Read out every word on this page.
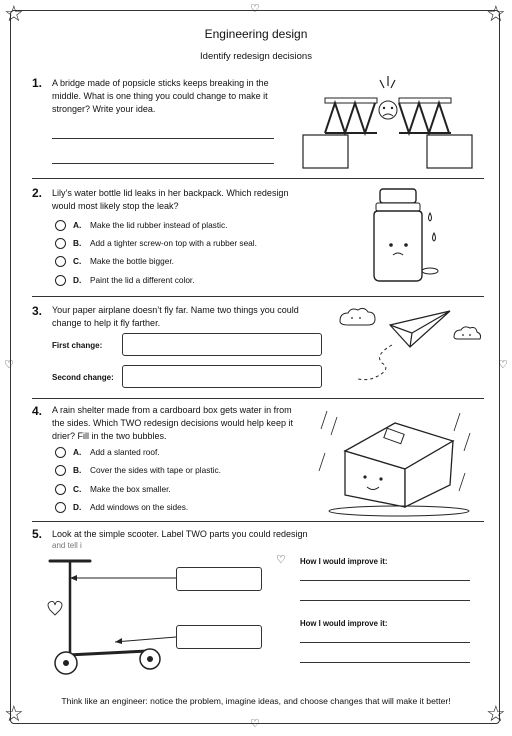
☆	☆
☆	☆
♡
♡
♡	♡
Engineering design
Identify redesign decisions
1. A bridge made of popsicle sticks keeps breaking in the middle. What is one thing you could change to make it stronger? Write your idea.
2. Lily’s water bottle lid leaks in her backpack. Which redesign would most likely stop the leak?
A.	Make the lid rubber instead of plastic.
B.	Add a tighter screw-on top with a rubber seal.
C.	Make the bottle bigger.
D.	Paint the lid a different color.
3. Your paper airplane doesn’t fly far. Name two things you could change to help it fly farther.
First change:
Second change:
4. A rain shelter made from a cardboard box gets water in from the sides. Which TWO redesign decisions would help keep it drier? Fill in the two bubbles.
A.	Add a slanted roof.
B.	Cover the sides with tape or plastic.
C.	Make the box smaller.
D.	Add windows on the sides.
5. Look at the simple scooter. Label TWO parts you could redesign
and tell i
♡ How I would improve it:
How I would improve it:
Think like an engineer: notice the problem, imagine ideas, and choose changes that will make it better!
